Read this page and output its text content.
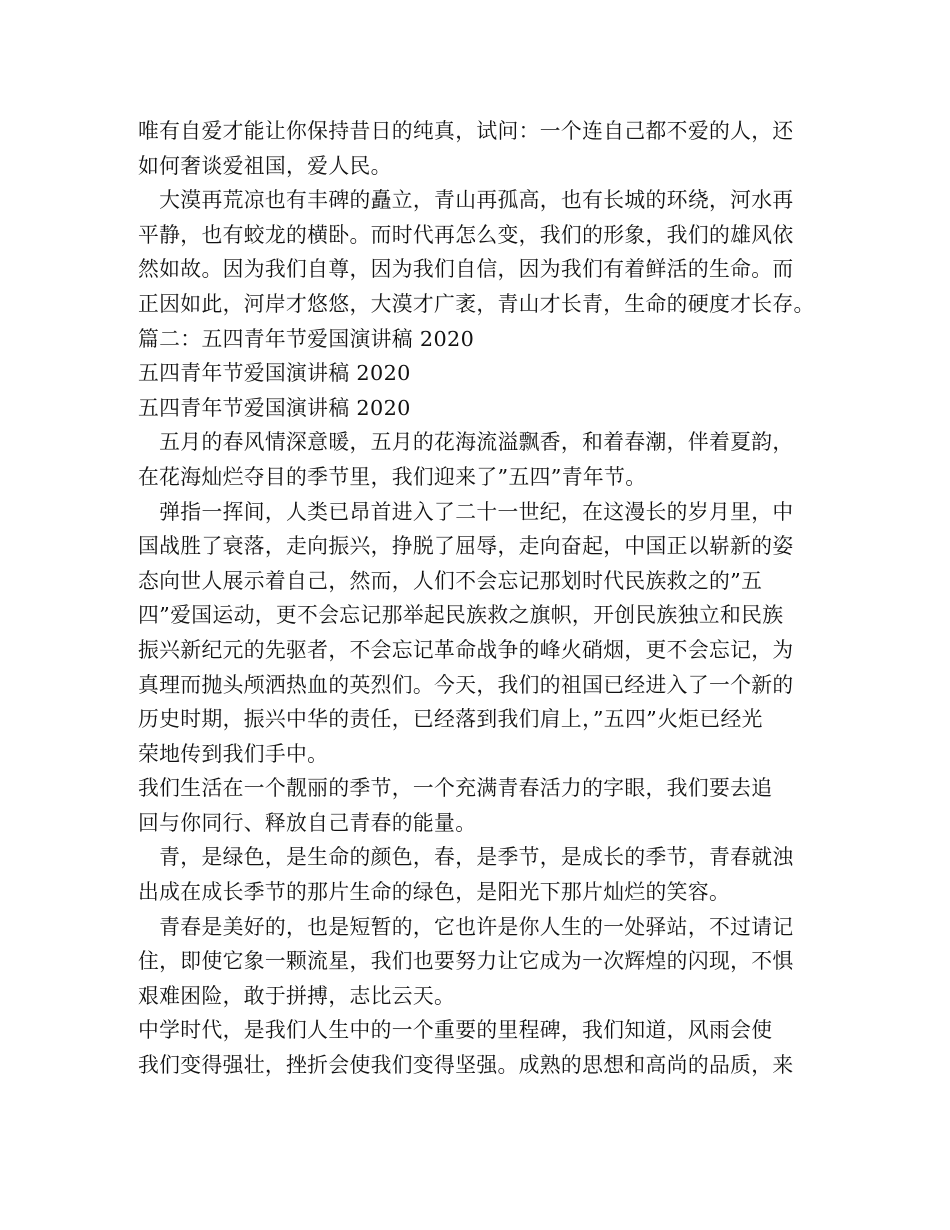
唯有自爱才能让你保持昔日的纯真，试问：一个连自己都不爱的人，还
如何奢谈爱祖国，爱人民。
　大漠再荒凉也有丰碑的矗立，青山再孤高，也有长城的环绕，河水再
平静，也有蛟龙的横卧。而时代再怎么变，我们的形象，我们的雄风依
然如故。因为我们自尊，因为我们自信，因为我们有着鲜活的生命。而
正因如此，河岸才悠悠，大漠才广袤，青山才长青，生命的硬度才长存。
篇二：五四青年节爱国演讲稿 2020
五四青年节爱国演讲稿 2020
五四青年节爱国演讲稿 2020
　五月的春风情深意暖，五月的花海流溢飘香，和着春潮，伴着夏韵，
在花海灿烂夺目的季节里，我们迎来了”五四”青年节。
　弹指一挥间，人类已昂首进入了二十一世纪，在这漫长的岁月里，中
国战胜了衰落，走向振兴，挣脱了屈辱，走向奋起，中国正以崭新的姿
态向世人展示着自己，然而，人们不会忘记那划时代民族救之的”五
四”爱国运动，更不会忘记那举起民族救之旗帜，开创民族独立和民族
振兴新纪元的先驱者，不会忘记革命战争的峰火硝烟，更不会忘记，为
真理而抛头颅洒热血的英烈们。今天，我们的祖国已经进入了一个新的
历史时期，振兴中华的责任，已经落到我们肩上，”五四”火炬已经光
荣地传到我们手中。
我们生活在一个靓丽的季节，一个充满青春活力的字眼，我们要去追
回与你同行、释放自己青春的能量。
　青，是绿色，是生命的颜色，春，是季节，是成长的季节，青春就浊
出成在成长季节的那片生命的绿色，是阳光下那片灿烂的笑容。
　青春是美好的，也是短暂的，它也许是你人生的一处驿站，不过请记
住，即使它象一颗流星，我们也要努力让它成为一次辉煌的闪现，不惧
艰难困险，敢于拼搏，志比云天。
中学时代，是我们人生中的一个重要的里程碑，我们知道，风雨会使
我们变得强壮，挫折会使我们变得坚强。成熟的思想和高尚的品质，来
